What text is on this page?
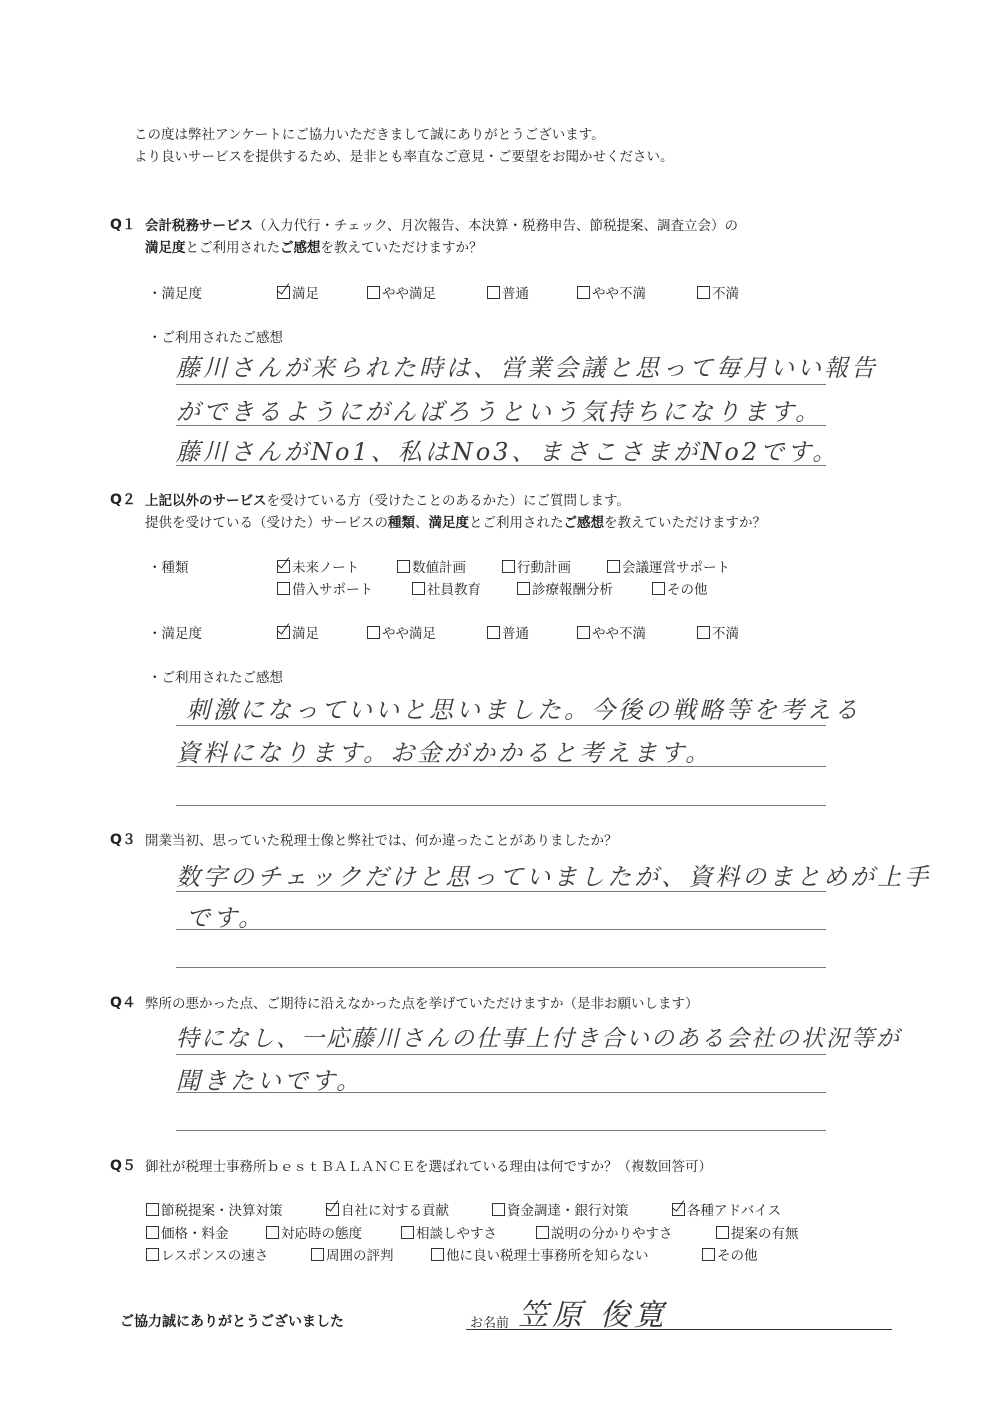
この度は弊社アンケートにご協力いただきまして誠にありがとうございます。
より良いサービスを提供するため、是非とも率直なご意見・ご要望をお聞かせください。
Q１ 会計税務サービス（入力代行・チェック、月次報告、本決算・税務申告、節税提案、調査立会）の
満足度とご利用されたご感想を教えていただけますか？
・満足度	満足	やや満足	普通	やや不満	不満
・ご利用されたご感想
藤川さんが来られた時は、営業会議と思って毎月いい報告
ができるようにがんばろうという気持ちになります。
藤川さんがNo1、私はNo3、まさこさまがNo2です。
Q２ 上記以外のサービスを受けている方（受けたことのあるかた）にご質問します。
提供を受けている（受けた）サービスの種類、満足度とご利用されたご感想を教えていただけますか？
・種類	未来ノート	数値計画	行動計画	会議運営サポート
借入サポート	社員教育	診療報酬分析	その他
・満足度	満足	やや満足	普通	やや不満	不満
・ご利用されたご感想
刺激になっていいと思いました。今後の戦略等を考える
資料になります。お金がかかると考えます。
Q３ 開業当初、思っていた税理士像と弊社では、何か違ったことがありましたか？
数字のチェックだけと思っていましたが、資料のまとめが上手
です。
Q４ 弊所の悪かった点、ご期待に沿えなかった点を挙げていただけますか（是非お願いします）
特になし、一応藤川さんの仕事上付き合いのある会社の状況等が
聞きたいです。
Q５ 御社が税理士事務所ｂｅｓｔＢＡＬＡＮＣＥを選ばれている理由は何ですか？（複数回答可）
節税提案・決算対策	自社に対する貢献	資金調達・銀行対策	各種アドバイス
価格・料金	対応時の態度	相談しやすさ	説明の分かりやすさ	提案の有無
レスポンスの速さ	周囲の評判	他に良い税理士事務所を知らない	その他
ご協力誠にありがとうございました	お名前 笠原 俊寛
